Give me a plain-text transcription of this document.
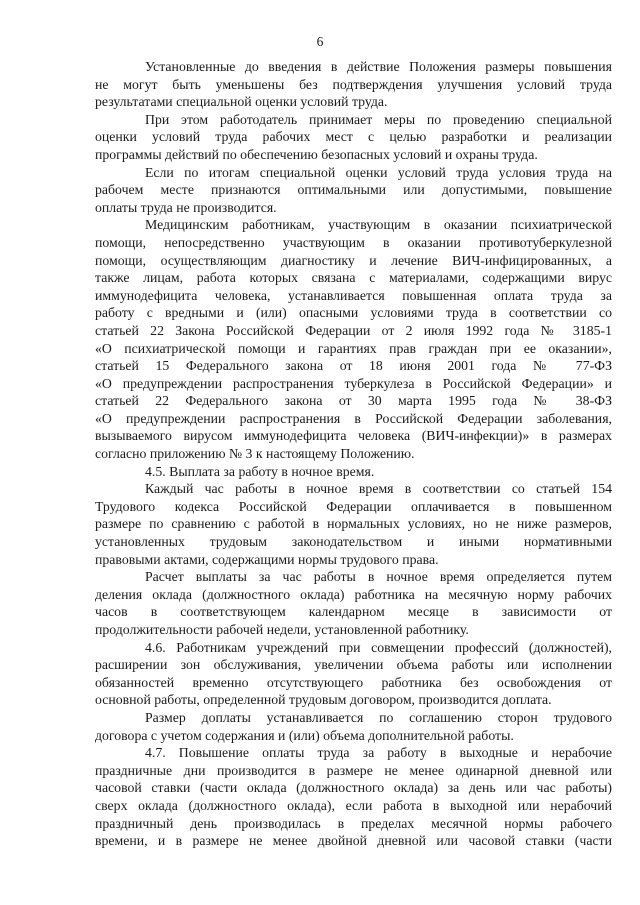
6
Установленные до введения в действие Положения размеры повышения
не могут быть уменьшены без подтверждения улучшения условий труда
результатами специальной оценки условий труда.
При этом работодатель принимает меры по проведению специальной
оценки условий труда рабочих мест с целью разработки и реализации
программы действий по обеспечению безопасных условий и охраны труда.
Если по итогам специальной оценки условий труда условия труда на
рабочем месте признаются оптимальными или допустимыми, повышение
оплаты труда не производится.
Медицинским работникам, участвующим в оказании психиатрической
помощи, непосредственно участвующим в оказании противотуберкулезной
помощи, осуществляющим диагностику и лечение ВИЧ-инфицированных, а
также лицам, работа которых связана с материалами, содержащими вирус
иммунодефицита человека, устанавливается повышенная оплата труда за
работу с вредными и (или) опасными условиями труда в соответствии со
статьей 22 Закона Российской Федерации от 2 июля 1992 года № 3185-1
«О психиатрической помощи и гарантиях прав граждан при ее оказании»,
статьей 15 Федерального закона от 18 июня 2001 года № 77-ФЗ
«О предупреждении распространения туберкулеза в Российской Федерации» и
статьей 22 Федерального закона от 30 марта 1995 года № 38-ФЗ
«О предупреждении распространения в Российской Федерации заболевания,
вызываемого вирусом иммунодефицита человека (ВИЧ-инфекции)» в размерах
согласно приложению № 3 к настоящему Положению.
4.5. Выплата за работу в ночное время.
Каждый час работы в ночное время в соответствии со статьей 154
Трудового кодекса Российской Федерации оплачивается в повышенном
размере по сравнению с работой в нормальных условиях, но не ниже размеров,
установленных трудовым законодательством и иными нормативными
правовыми актами, содержащими нормы трудового права.
Расчет выплаты за час работы в ночное время определяется путем
деления оклада (должностного оклада) работника на месячную норму рабочих
часов в соответствующем календарном месяце в зависимости от
продолжительности рабочей недели, установленной работнику.
4.6. Работникам учреждений при совмещении профессий (должностей),
расширении зон обслуживания, увеличении объема работы или исполнении
обязанностей временно отсутствующего работника без освобождения от
основной работы, определенной трудовым договором, производится доплата.
Размер доплаты устанавливается по соглашению сторон трудового
договора с учетом содержания и (или) объема дополнительной работы.
4.7. Повышение оплаты труда за работу в выходные и нерабочие
праздничные дни производится в размере не менее одинарной дневной или
часовой ставки (части оклада (должностного оклада) за день или час работы)
сверх оклада (должностного оклада), если работа в выходной или нерабочий
праздничный день производилась в пределах месячной нормы рабочего
времени, и в размере не менее двойной дневной или часовой ставки (части
